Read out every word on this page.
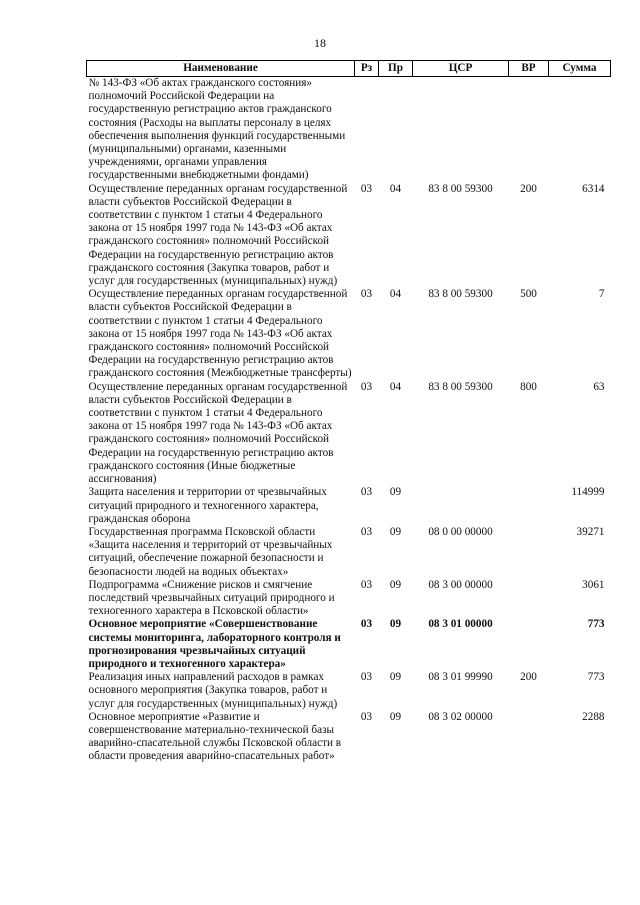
18
Наименование	Рз	Пр	ЦСР	ВР	Сумма
№ 143-ФЗ «Об актах гражданского состояния» полномочий Российской Федерации на государственную регистрацию актов гражданского состояния (Расходы на выплаты персоналу в целях обеспечения выполнения функций государственными (муниципальными) органами, казенными учреждениями, органами управления государственными внебюджетными фондами)					
Осуществление переданных органам государственной власти субъектов Российской Федерации в соответствии с пунктом 1 статьи 4 Федерального закона от 15 ноября 1997 года № 143-ФЗ «Об актах гражданского состояния» полномочий Российской Федерации на государственную регистрацию актов гражданского состояния (Закупка товаров, работ и услуг для государственных (муниципальных) нужд)	03	04	83 8 00 59300	200	6314
Осуществление переданных органам государственной власти субъектов Российской Федерации в соответствии с пунктом 1 статьи 4 Федерального закона от 15 ноября 1997 года № 143-ФЗ «Об актах гражданского состояния» полномочий Российской Федерации на государственную регистрацию актов гражданского состояния (Межбюджетные трансферты)	03	04	83 8 00 59300	500	7
Осуществление переданных органам государственной власти субъектов Российской Федерации в соответствии с пунктом 1 статьи 4 Федерального закона от 15 ноября 1997 года № 143-ФЗ «Об актах гражданского состояния» полномочий Российской Федерации на государственную регистрацию актов гражданского состояния (Иные бюджетные ассигнования)	03	04	83 8 00 59300	800	63
Защита населения и территории от чрезвычайных ситуаций природного и техногенного характера, гражданская оборона	03	09			114999
Государственная программа Псковской области «Защита населения и территорий от чрезвычайных ситуаций, обеспечение пожарной безопасности и безопасности людей на водных объектах»	03	09	08 0 00 00000		39271
Подпрограмма «Снижение рисков и смягчение последствий чрезвычайных ситуаций природного и техногенного характера в Псковской области»	03	09	08 3 00 00000		3061
Основное мероприятие «Совершенствование системы мониторинга, лабораторного контроля и прогнозирования чрезвычайных ситуаций природного и техногенного характера»	03	09	08 3 01 00000		773
Реализация иных направлений расходов в рамках основного мероприятия (Закупка товаров, работ и услуг для государственных (муниципальных) нужд)	03	09	08 3 01 99990	200	773
Основное мероприятие «Развитие и совершенствование материально-технической базы аварийно-спасательной службы Псковской области в области проведения аварийно-спасательных работ»	03	09	08 3 02 00000		2288
